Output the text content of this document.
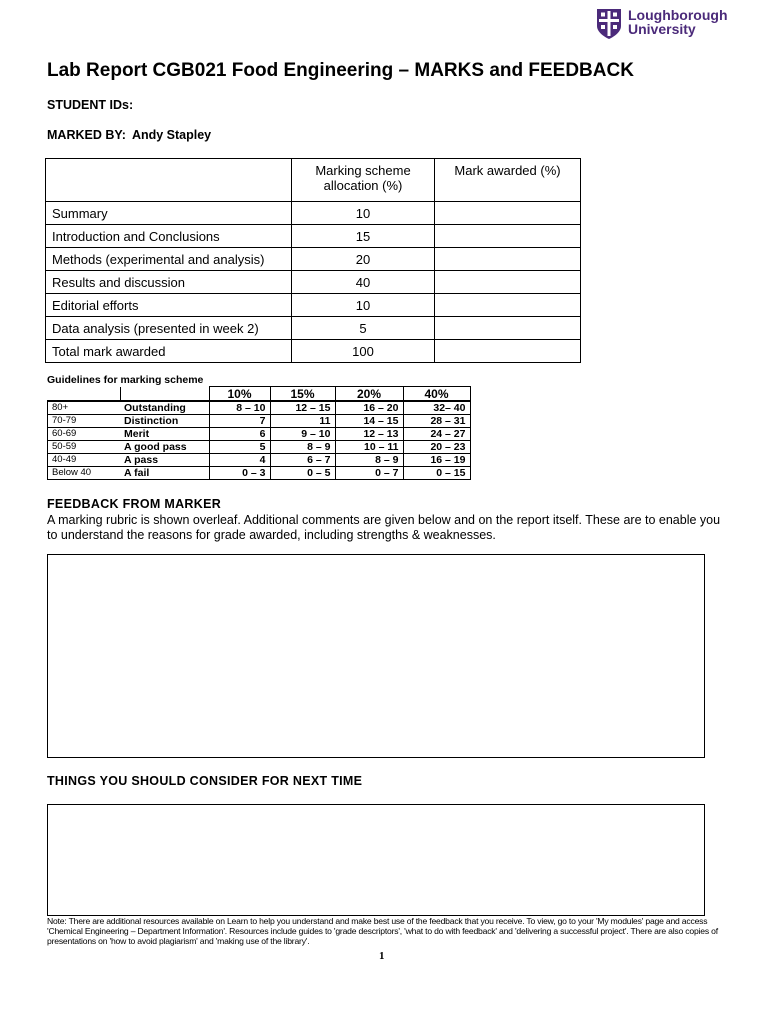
Loughborough
University
Lab Report CGB021 Food Engineering – MARKS and FEEDBACK
STUDENT IDs:
MARKED BY: Andy Stapley
	Marking scheme allocation (%)	Mark awarded (%)
Summary	10	
Introduction and Conclusions	15	
Methods (experimental and analysis)	20	
Results and discussion	40	
Editorial efforts	10	
Data analysis (presented in week 2)	5	
Total mark awarded	100	
Guidelines for marking scheme
		10%	15%	20%	40%
80+	Outstanding	8 – 10	12 – 15	16 – 20	32– 40
70-79	Distinction	7	11	14 – 15	28 – 31
60-69	Merit	6	9 – 10	12 – 13	24 – 27
50-59	A good pass	5	8 – 9	10 – 11	20 – 23
40-49	A pass	4	6 – 7	8 – 9	16 – 19
Below 40	A fail	0 – 3	0 – 5	0 – 7	0 – 15
FEEDBACK FROM MARKER
A marking rubric is shown overleaf. Additional comments are given below and on the report itself. These are to enable you to understand the reasons for grade awarded, including strengths & weaknesses.
THINGS YOU SHOULD CONSIDER FOR NEXT TIME
Note: There are additional resources available on Learn to help you understand and make best use of the feedback that you receive. To view, go to your 'My modules' page and access 'Chemical Engineering – Department Information'. Resources include guides to 'grade descriptors', 'what to do with feedback' and 'delivering a successful project'. There are also copies of presentations on 'how to avoid plagiarism' and 'making use of the library'.
1
